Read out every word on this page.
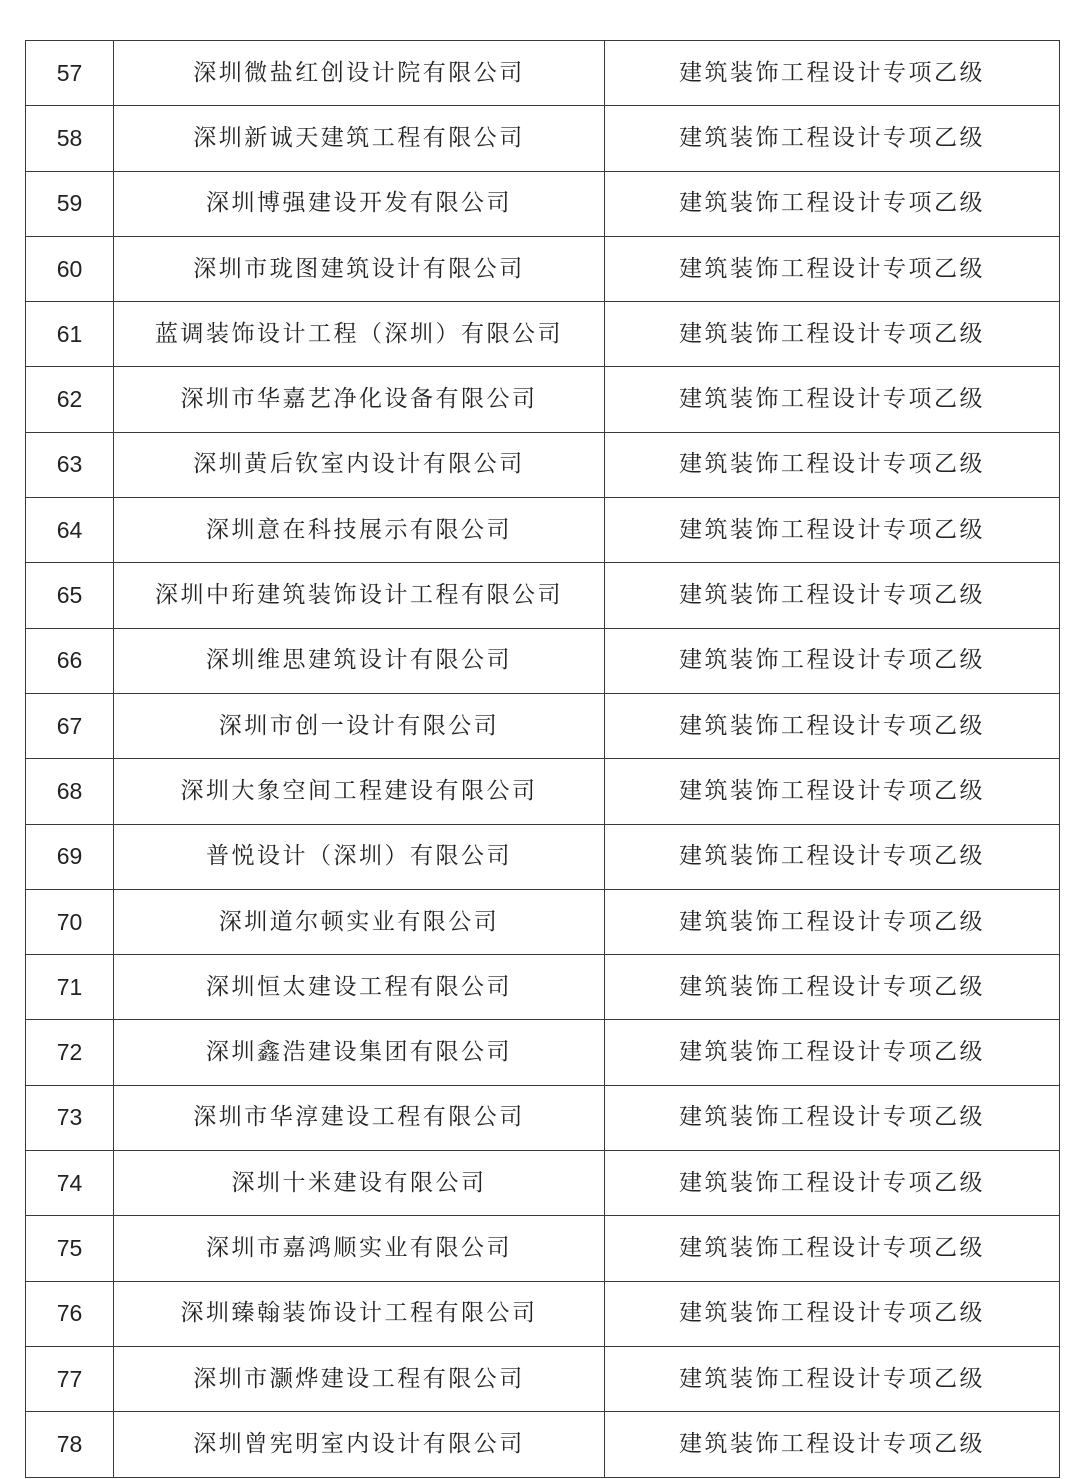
57	深圳微盐红创设计院有限公司	建筑装饰工程设计专项乙级
58	深圳新诚天建筑工程有限公司	建筑装饰工程设计专项乙级
59	深圳博强建设开发有限公司	建筑装饰工程设计专项乙级
60	深圳市珑图建筑设计有限公司	建筑装饰工程设计专项乙级
61	蓝调装饰设计工程（深圳）有限公司	建筑装饰工程设计专项乙级
62	深圳市华嘉艺净化设备有限公司	建筑装饰工程设计专项乙级
63	深圳黄后钦室内设计有限公司	建筑装饰工程设计专项乙级
64	深圳意在科技展示有限公司	建筑装饰工程设计专项乙级
65	深圳中珩建筑装饰设计工程有限公司	建筑装饰工程设计专项乙级
66	深圳维思建筑设计有限公司	建筑装饰工程设计专项乙级
67	深圳市创一设计有限公司	建筑装饰工程设计专项乙级
68	深圳大象空间工程建设有限公司	建筑装饰工程设计专项乙级
69	普悦设计（深圳）有限公司	建筑装饰工程设计专项乙级
70	深圳道尔顿实业有限公司	建筑装饰工程设计专项乙级
71	深圳恒太建设工程有限公司	建筑装饰工程设计专项乙级
72	深圳鑫浩建设集团有限公司	建筑装饰工程设计专项乙级
73	深圳市华淳建设工程有限公司	建筑装饰工程设计专项乙级
74	深圳十米建设有限公司	建筑装饰工程设计专项乙级
75	深圳市嘉鸿顺实业有限公司	建筑装饰工程设计专项乙级
76	深圳臻翰装饰设计工程有限公司	建筑装饰工程设计专项乙级
77	深圳市灏烨建设工程有限公司	建筑装饰工程设计专项乙级
78	深圳曾宪明室内设计有限公司	建筑装饰工程设计专项乙级
